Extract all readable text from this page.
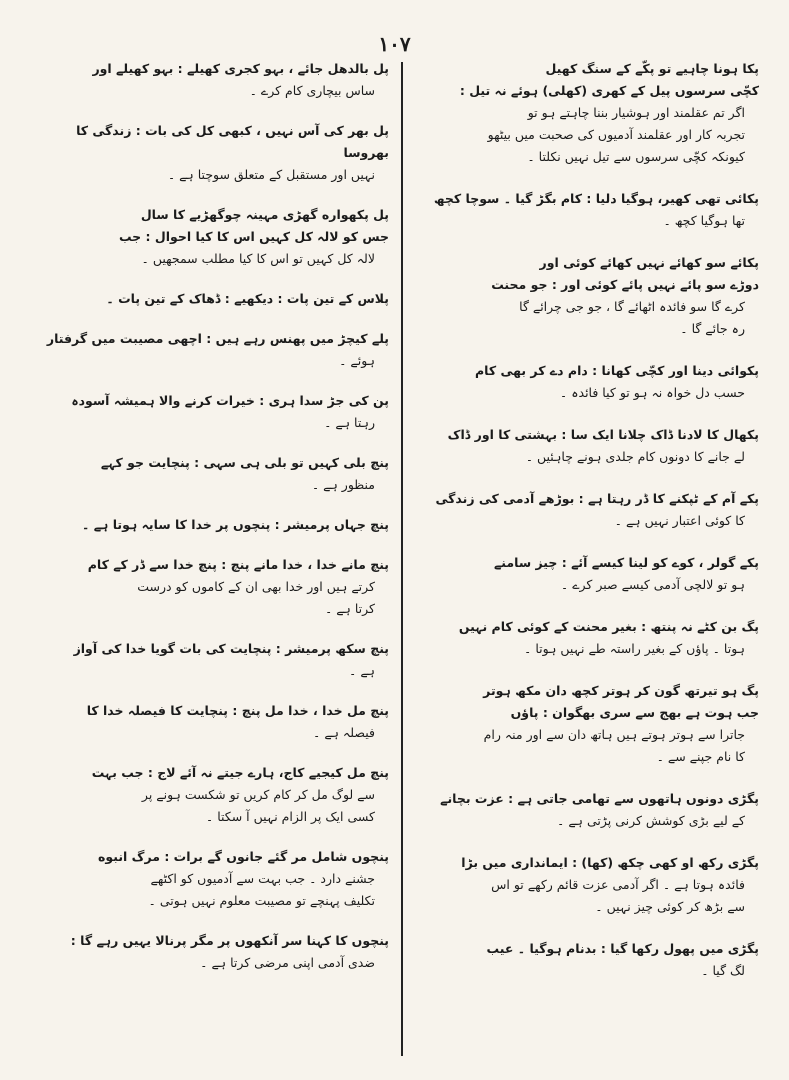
۱۰۷

پل بالدھل جائے ، بہو کجری کھیلے : بہو کھیلے اور

ساس بیچاری کام کرے ۔

پل بھر کی آس نہیں ، کبھی کل کی بات : زندگی کا بھروسا

نہیں اور مستقبل کے متعلق سوچتا ہے ۔

پل پکھواره گھڑی مہینہ چوگھڑیے کا سال

جس کو لالہ کل کہیں اس کا کیا احوال : جب

لالہ کل کہیں تو اس کا کیا مطلب سمجھیں ۔

پلاس کے تین پات : دیکھیے : ڈھاک کے تین پات ۔

پلے کیچڑ میں پھنس رہے ہیں : اچھی مصیبت میں گرفتار

ہوئے ۔

پن کی جڑ سدا ہری : خیرات کرنے والا ہمیشہ آسودہ

رہتا ہے ۔

پنچ بلی کہیں تو بلی ہی سہی : پنچایت جو کہے

منظور ہے ۔

پنچ جہاں پرمیشر : پنچوں پر خدا کا سایہ ہوتا ہے ۔

پنچ مانے خدا ، خدا مانے پنچ : پنچ خدا سے ڈر کے کام

کرتے ہیں اور خدا بھی ان کے کاموں کو درست

کرتا ہے ۔

پنچ سکھ پرمیشر : پنچایت کی بات گویا خدا کی آواز

ہے ۔

پنچ مل خدا ، خدا مل پنچ : پنچایت کا فیصلہ خدا کا

فیصلہ ہے ۔

پنچ مل کیجیے کاج، ہارے جیتے نہ آئے لاج : جب بہت

سے لوگ مل کر کام کریں تو شکست ہونے پر

کسی ایک پر الزام نہیں آ سکتا ۔

پنچوں شامل مر گئے جانوں گے برات : مرگ انبوه

جشنے دارد ۔ جب بہت سے آدمیوں کو اکٹھے

تکلیف پہنچے تو مصیبت معلوم نہیں ہوتی ۔

پنچوں کا کہنا سر آنکھوں پر مگر پرنالا یہیں رہے گا :

ضدی آدمی اپنی مرضی کرتا ہے ۔

پکا ہونا چاہیے تو پکّے کے سنگ کھیل

کچّی سرسوں پیل کے کھری (کھلی) ہوئے نہ تیل :

اگر تم عقلمند اور ہوشیار بننا چاہتے ہو تو

تجربہ کار اور عقلمند آدمیوں کی صحبت میں بیٹھو

کیونکہ کچّی سرسوں سے تیل نہیں نکلتا ۔

پکائی تھی کھیر، ہوگیا دلیا : کام بگڑ گیا ۔ سوچا کچھ

تھا ہوگیا کچھ ۔

پکائے سو کھائے نہیں کھائے کوئی اور

دوڑے سو پائے نہیں پائے کوئی اور : جو محنت

کرے گا سو فائدہ اٹھائے گا ، جو جی چرائے گا

رہ جائے گا ۔

پکوائی دینا اور کچّی کھانا : دام دے کر بھی کام

حسب دل خواہ نہ ہو تو کیا فائدہ ۔

پکھال کا لادنا ڈاک چلانا ایک سا : بہشتی کا اور ڈاک

لے جانے کا دونوں کام جلدی ہونے چاہئیں ۔

پکے آم کے ٹپکنے کا ڈر رہتا ہے : بوڑھے آدمی کی زندگی

کا کوئی اعتبار نہیں ہے ۔

پکے گولر ، کوے کو لینا کیسے آئے : چیز سامنے

ہو تو لالچی آدمی کیسے صبر کرے ۔

پگ بن کٹے نہ پنتھ : بغیر محنت کے کوئی کام نہیں

ہوتا ۔ پاؤں کے بغیر راستہ طے نہیں ہوتا ۔

پگ ہو تیرتھ گون کر ہوتر کچھ دان مکھ ہوتر

جب ہوت ہے بھج سے سری بھگوان : پاؤں

جاترا سے ہوتر ہوتے ہیں ہاتھ دان سے اور منہ رام

کا نام جپنے سے ۔

پگڑی دونوں ہاتھوں سے تھامی جاتی ہے : عزت بچانے

کے لیے بڑی کوشش کرنی پڑتی ہے ۔

پگڑی رکھ او کھی چکھ (کھا) : ایمانداری میں بڑا

فائدہ ہوتا ہے ۔ اگر آدمی عزت قائم رکھے تو اس

سے بڑھ کر کوئی چیز نہیں ۔

پگڑی میں پھول رکھا گیا : بدنام ہوگیا ۔ عیب

لگ گیا ۔
